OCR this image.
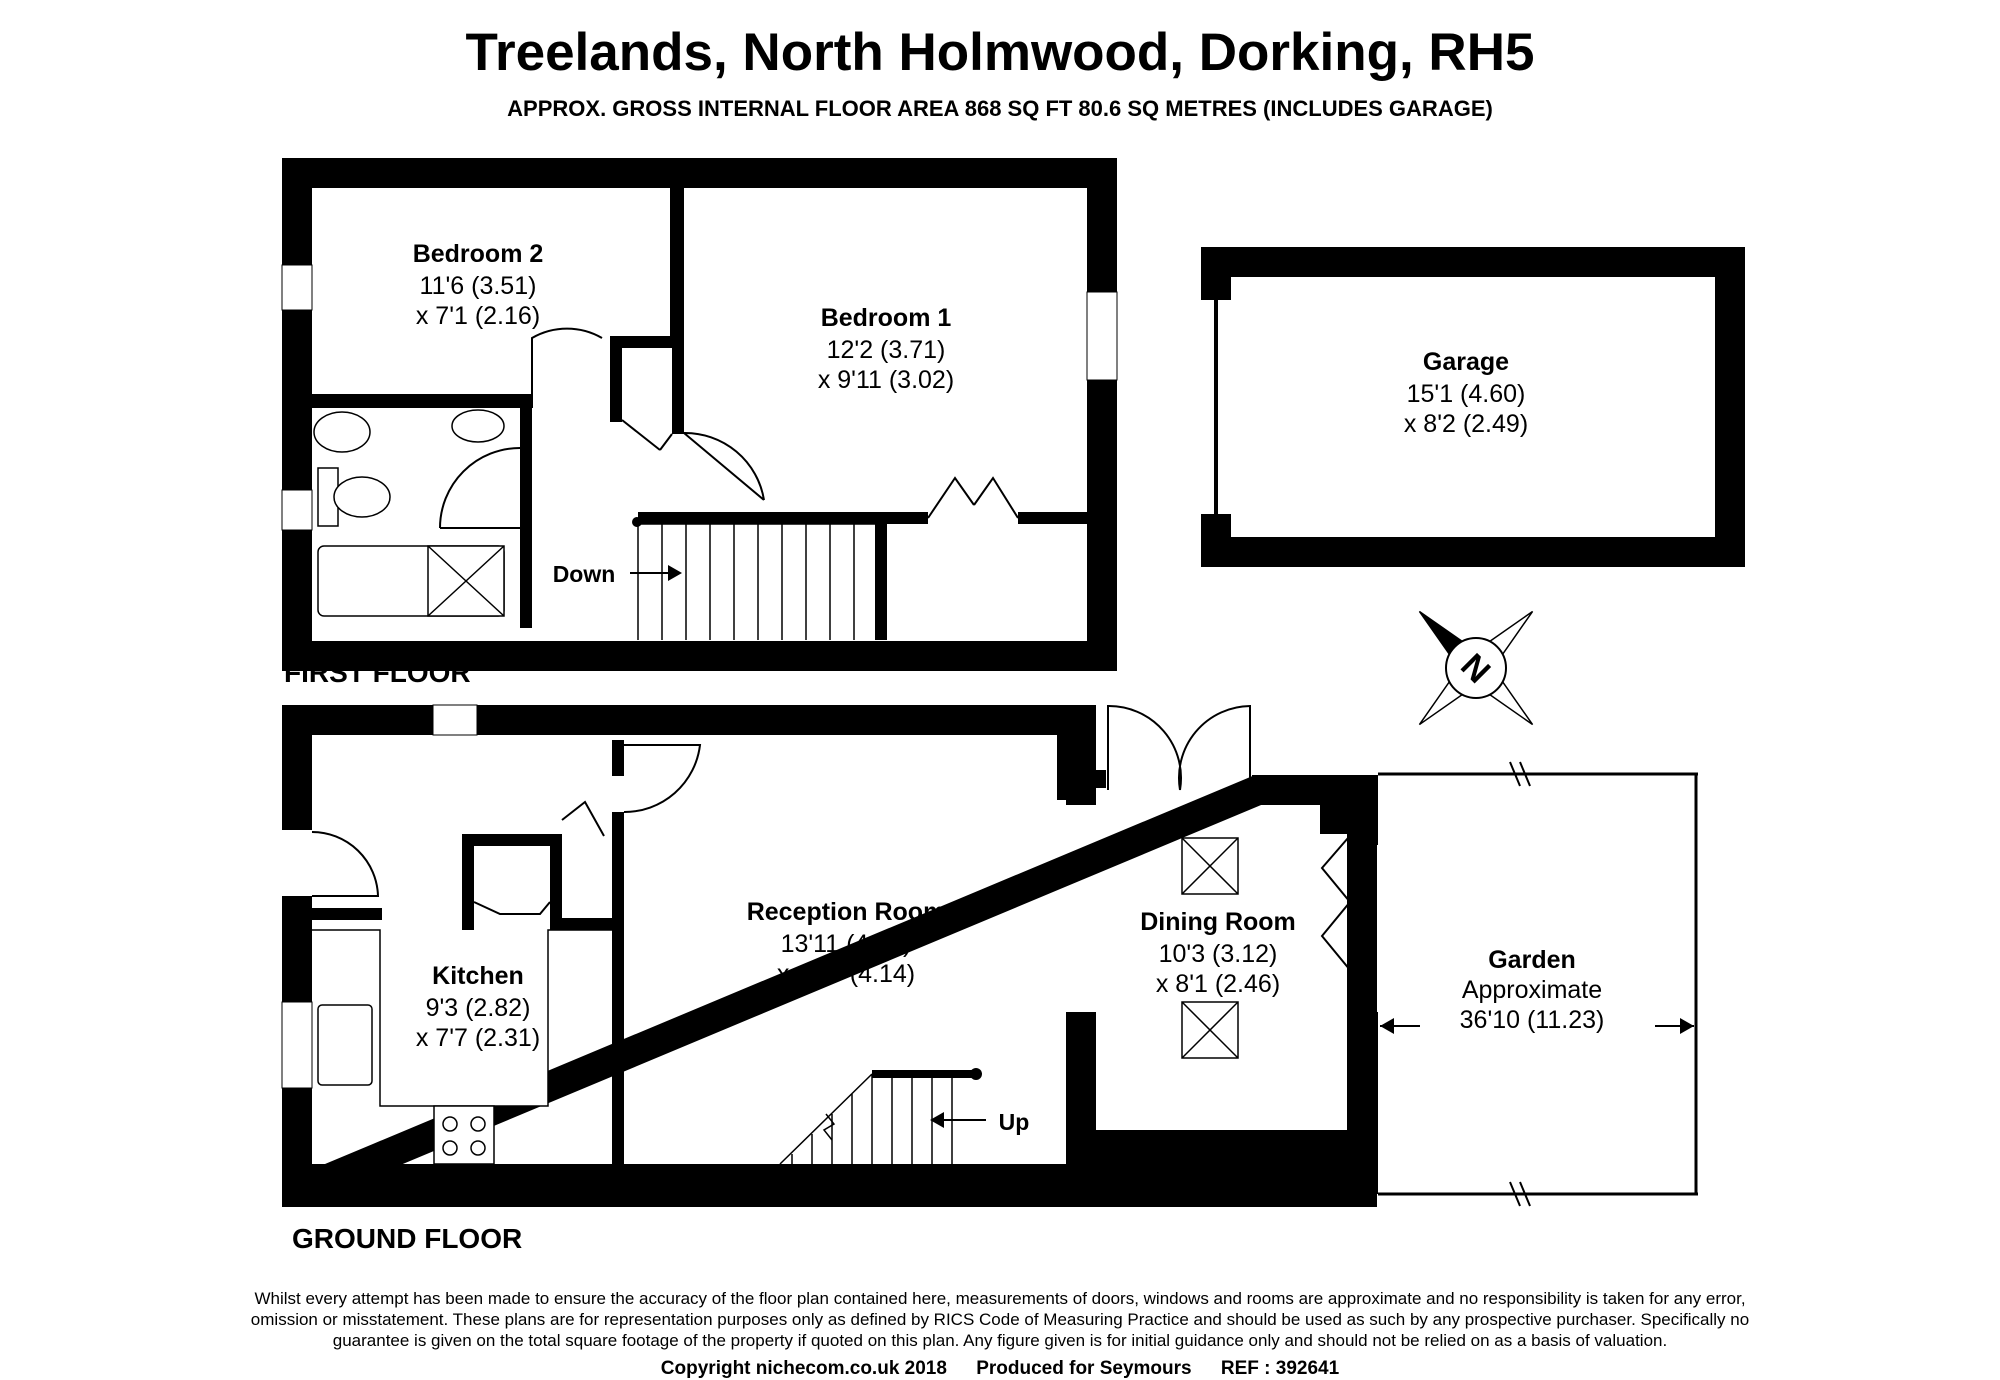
Treelands, North Holmwood, Dorking, RH5
APPROX. GROSS INTERNAL FLOOR AREA 868 SQ FT 80.6 SQ METRES (INCLUDES GARAGE)
Bedroom 2
11'6 (3.51)
x 7'1 (2.16)	Bedroom 1
12'2 (3.71)
x 9'11 (3.02)
Garage
15'1 (4.60)
x 8'2 (2.49)
Reception Room
13'11 (4.24)
x 13'7 (4.14)
Dining Room
10'3 (3.12)
x 8'1 (2.46)
Kitchen
9'3 (2.82)
x 7'7 (2.31)
Garden
Approximate
36'10 (11.23)
Down
Up
N
FIRST FLOOR
GROUND FLOOR
Whilst every attempt has been made to ensure the accuracy of the floor plan contained here, measurements of doors, windows and rooms are approximate and no responsibility is taken for any error, omission or misstatement. These plans are for representation purposes only as defined by RICS Code of Measuring Practice and should be used as such by any prospective purchaser. Specifically no guarantee is given on the total square footage of the property if quoted on this plan. Any figure given is for initial guidance only and should not be relied on as a basis of valuation.
Copyright nichecom.co.uk 2018 Produced for Seymours REF : 392641
